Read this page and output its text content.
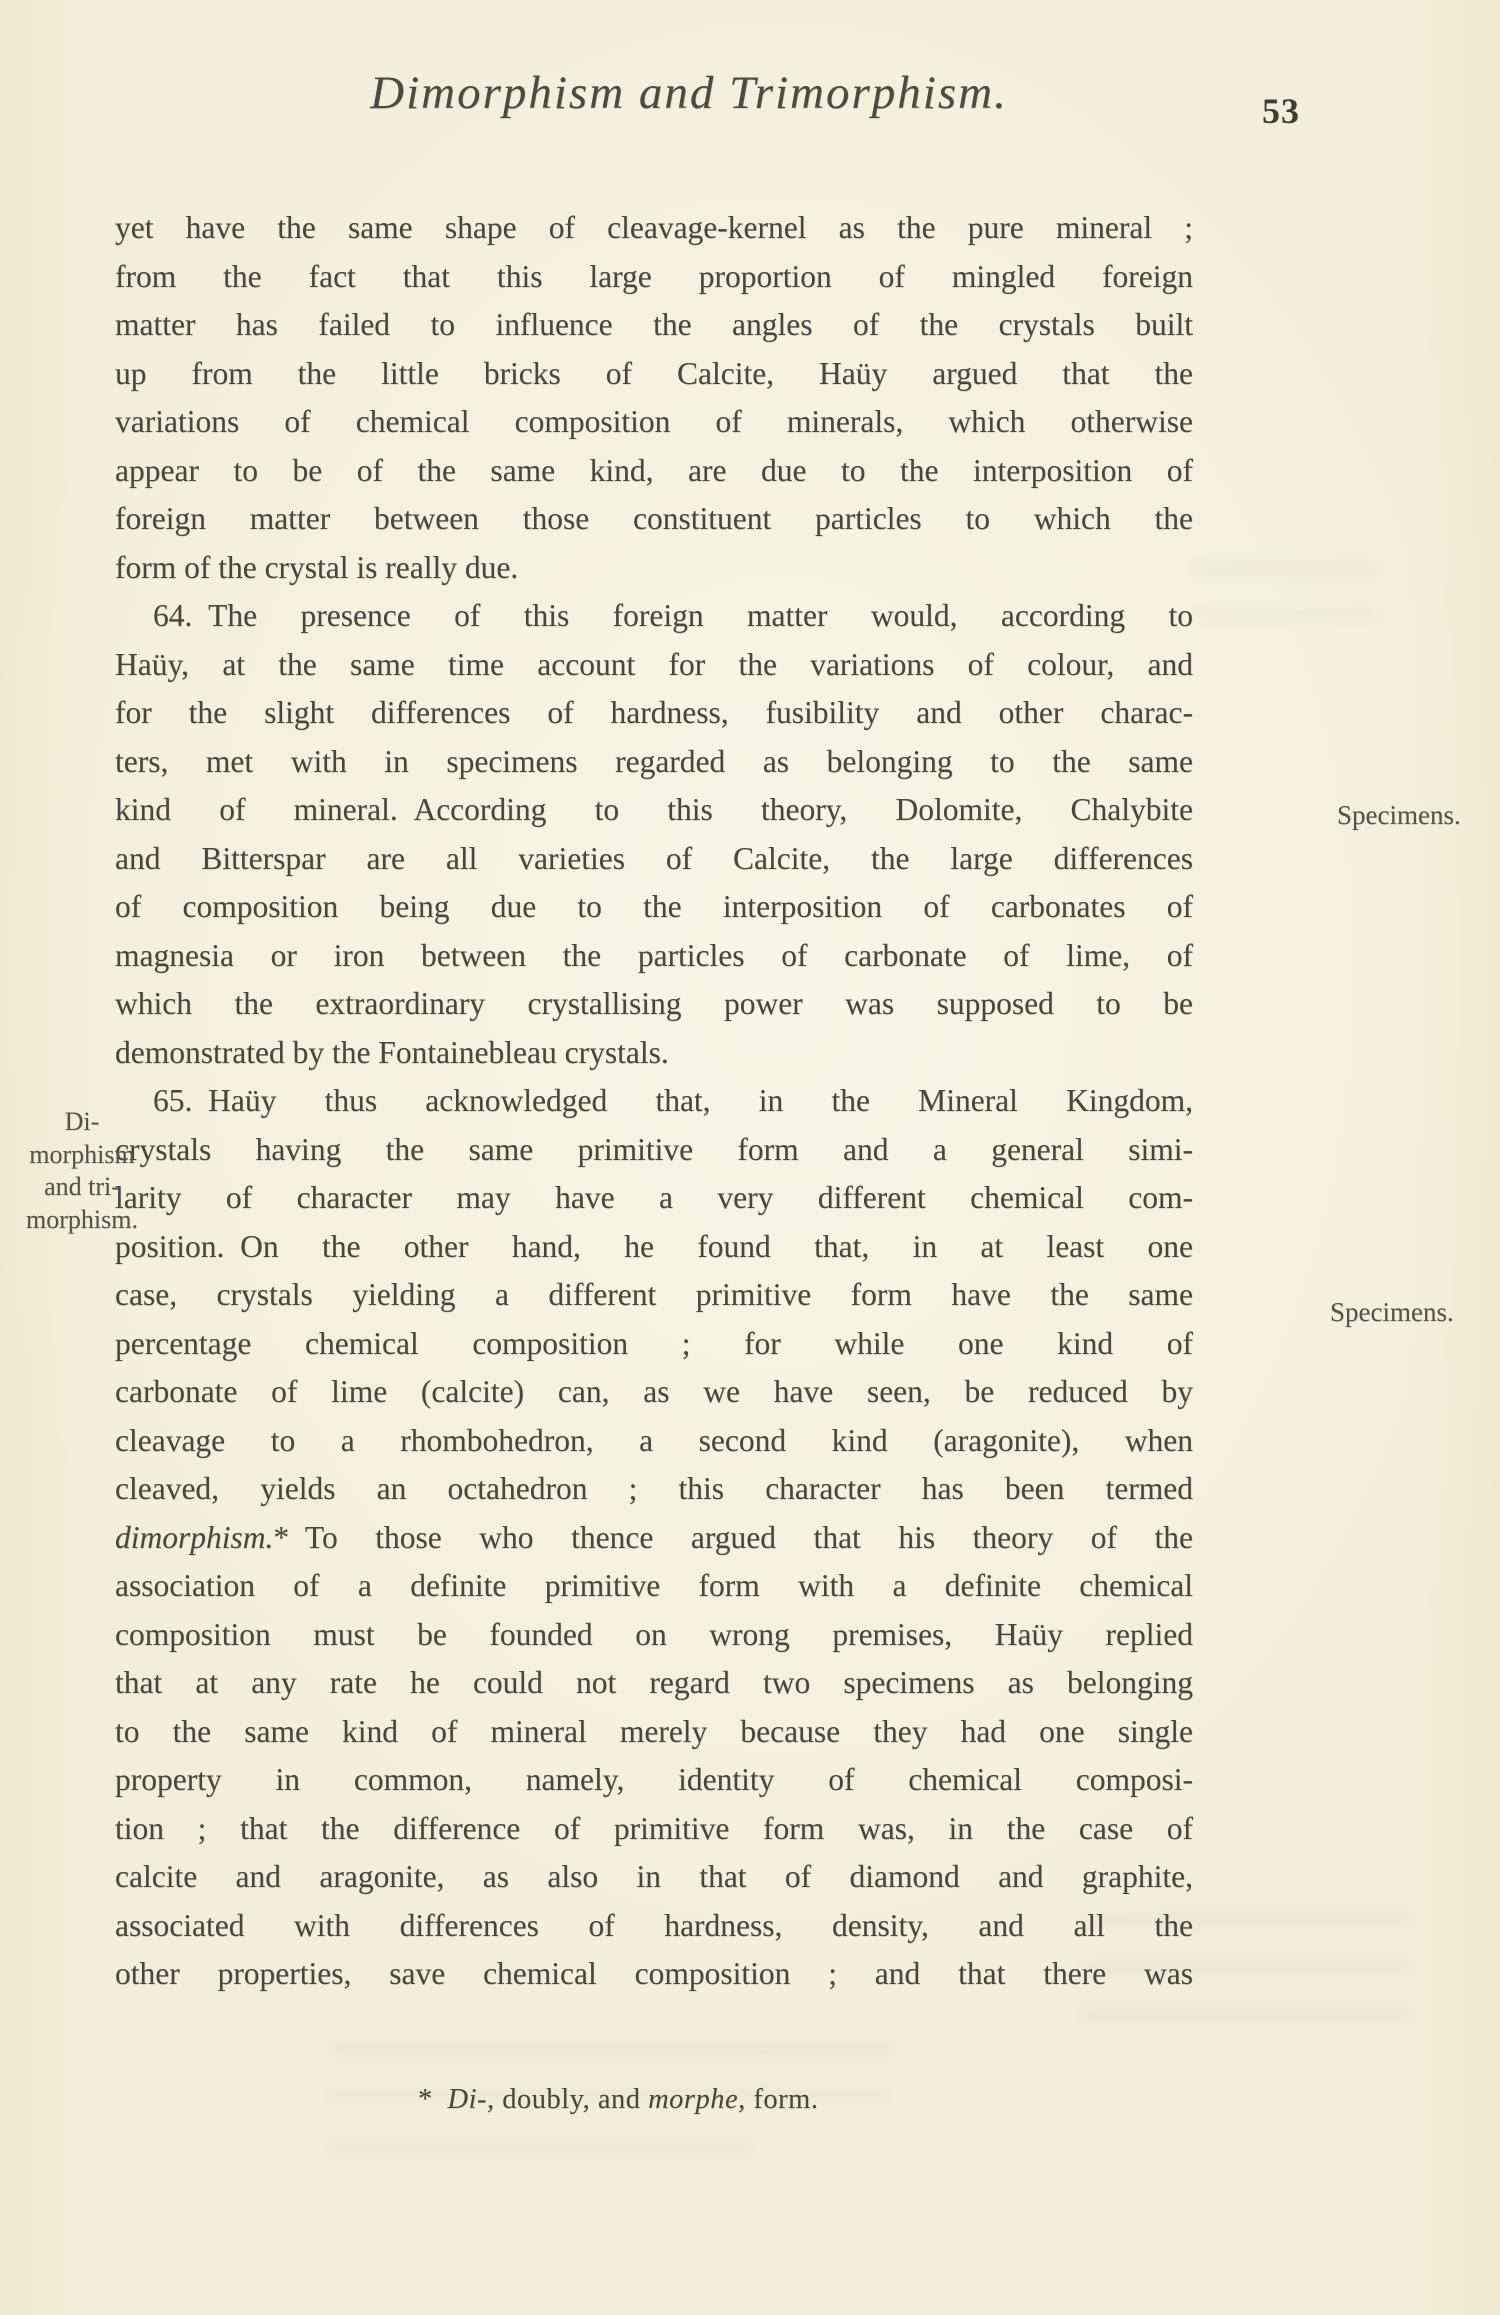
Dimorphism and Trimorphism.	53
yet have the same shape of cleavage-kernel as the pure mineral ;
from the fact that this large proportion of mingled foreign
matter has failed to influence the angles of the crystals built
up from the little bricks of Calcite, Haüy argued that the
variations of chemical composition of minerals, which otherwise
appear to be of the same kind, are due to the interposition of
foreign matter between those constituent particles to which the
form of the crystal is really due.
64. The presence of this foreign matter would, according to
Haüy, at the same time account for the variations of colour, and
for the slight differences of hardness, fusibility and other charac-
ters, met with in specimens regarded as belonging to the same
kind of mineral. According to this theory, Dolomite, Chalybite
and Bitterspar are all varieties of Calcite, the large differences
of composition being due to the interposition of carbonates of
magnesia or iron between the particles of carbonate of lime, of
which the extraordinary crystallising power was supposed to be
demonstrated by the Fontainebleau crystals.
65. Haüy thus acknowledged that, in the Mineral Kingdom,
crystals having the same primitive form and a general simi-
larity of character may have a very different chemical com-
position. On the other hand, he found that, in at least one
case, crystals yielding a different primitive form have the same
percentage chemical composition ; for while one kind of
carbonate of lime (calcite) can, as we have seen, be reduced by
cleavage to a rhombohedron, a second kind (aragonite), when
cleaved, yields an octahedron ; this character has been termed
dimorphism.* To those who thence argued that his theory of the
association of a definite primitive form with a definite chemical
composition must be founded on wrong premises, Haüy replied
that at any rate he could not regard two specimens as belonging
to the same kind of mineral merely because they had one single
property in common, namely, identity of chemical composi-
tion ; that the difference of primitive form was, in the case of
calcite and aragonite, as also in that of diamond and graphite,
associated with differences of hardness, density, and all the
other properties, save chemical composition ; and that there was
Di-
morphism
and tri-
morphism.
Specimens.
Specimens.
* Di-, doubly, and morphe, form.
